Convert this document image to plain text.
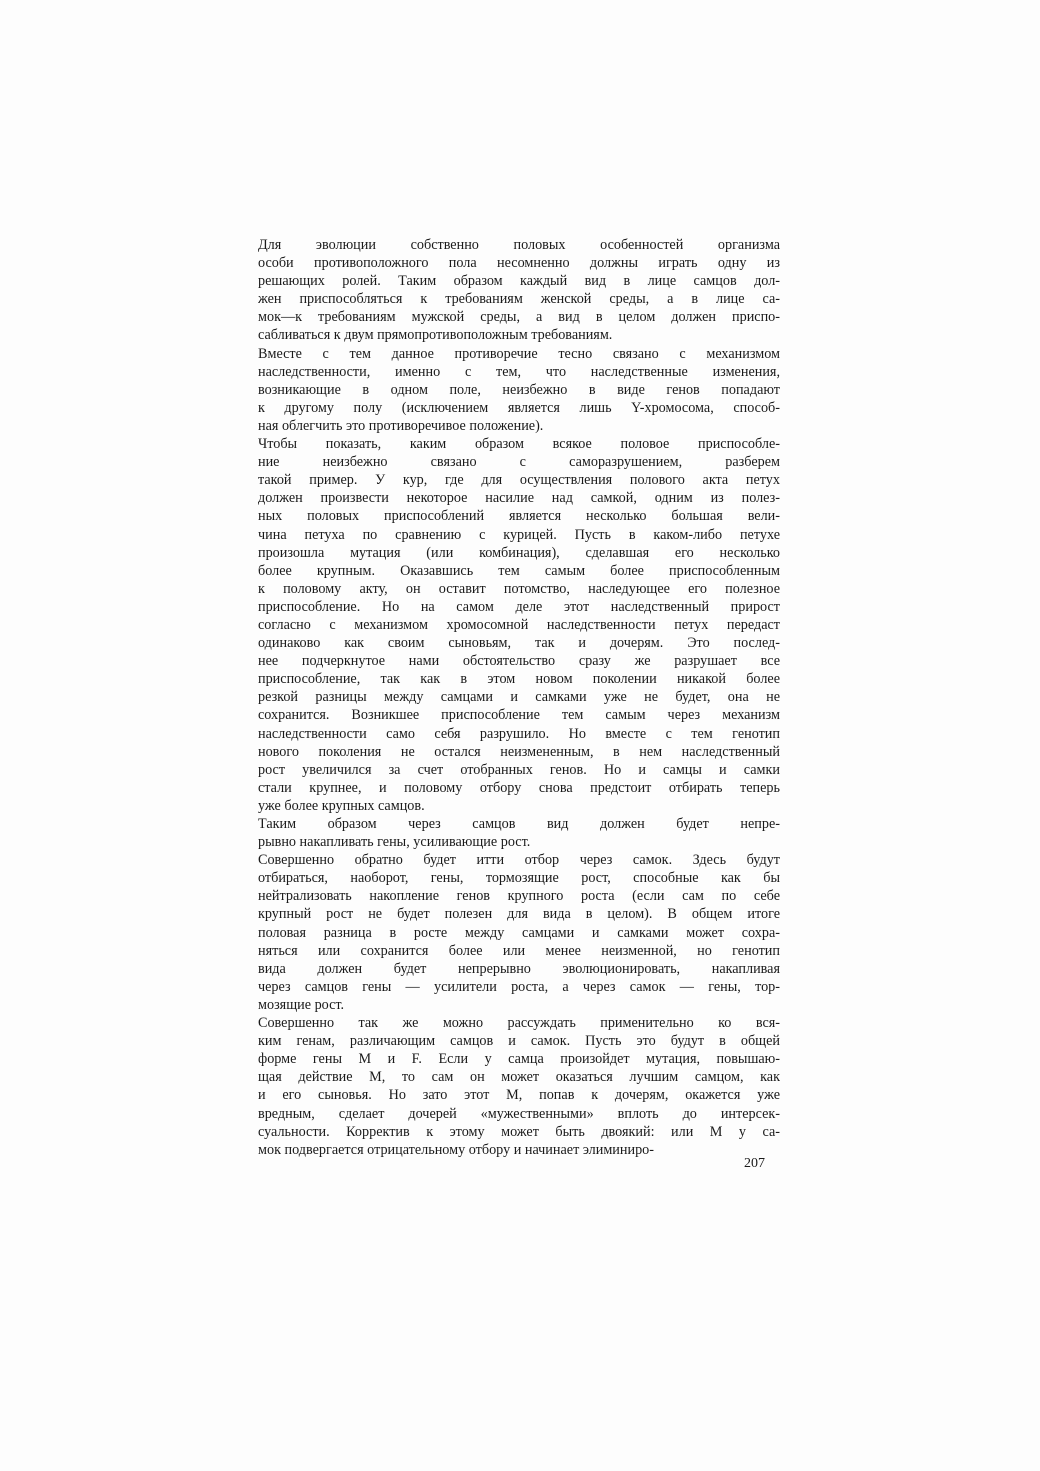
Для эволюции собственно половых особенностей организма
особи противоположного пола несомненно должны играть одну из
решающих ролей. Таким образом каждый вид в лице самцов дол-
жен приспособляться к требованиям женской среды, а в лице са-
мок—к требованиям мужской среды, а вид в целом должен приспо-
сабливаться к двум прямопротивоположным требованиям.

Вместе с тем данное противоречие тесно связано с механизмом
наследственности, именно с тем, что наследственные изменения,
возникающие в одном поле, неизбежно в виде генов попадают
к другому полу (исключением является лишь Y-хромосома, способ-
ная облегчить это противоречивое положение).

Чтобы показать, каким образом всякое половое приспособле-
ние неизбежно связано с саморазрушением, разберем
такой пример. У кур, где для осуществления полового акта петух
должен произвести некоторое насилие над самкой, одним из полез-
ных половых приспособлений является несколько большая вели-
чина петуха по сравнению с курицей. Пусть в каком-либо петухе
произошла мутация (или комбинация), сделавшая его несколько
более крупным. Оказавшись тем самым более приспособленным
к половому акту, он оставит потомство, наследующее его полезное
приспособление. Но на самом деле этот наследственный прирост
согласно с механизмом хромосомной наследственности петух передаст
одинаково как своим сыновьям, так и дочерям. Это послед-
нее подчеркнутое нами обстоятельство сразу же разрушает все
приспособление, так как в этом новом поколении никакой более
резкой разницы между самцами и самками уже не будет, она не
сохранится. Возникшее приспособление тем самым через механизм
наследственности само себя разрушило. Но вместе с тем генотип
нового поколения не остался неизмененным, в нем наследственный
рост увеличился за счет отобранных генов. Но и самцы и самки
стали крупнее, и половому отбору снова предстоит отбирать теперь
уже более крупных самцов.

Таким образом через самцов вид должен будет непре-
рывно накапливать гены, усиливающие рост.

Совершенно обратно будет итти отбор через самок. Здесь будут
отбираться, наоборот, гены, тормозящие рост, способные как бы
нейтрализовать накопление генов крупного роста (если сам по себе
крупный рост не будет полезен для вида в целом). В общем итоге
половая разница в росте между самцами и самками может сохра-
няться или сохранится более или менее неизменной, но генотип
вида должен будет непрерывно эволюционировать, накапливая
через самцов гены — усилители роста, а через самок — гены, тор-
мозящие рост.

Совершенно так же можно рассуждать применительно ко вся-
ким генам, различающим самцов и самок. Пусть это будут в общей
форме гены M и F. Если у самца произойдет мутация, повышаю-
щая действие M, то сам он может оказаться лучшим самцом, как
и его сыновья. Но зато этот M, попав к дочерям, окажется уже
вредным, сделает дочерей «мужественными» вплоть до интерсек-
суальности. Корректив к этому может быть двоякий: или M у са-
мок подвергается отрицательному отбору и начинает элиминиро-

207
